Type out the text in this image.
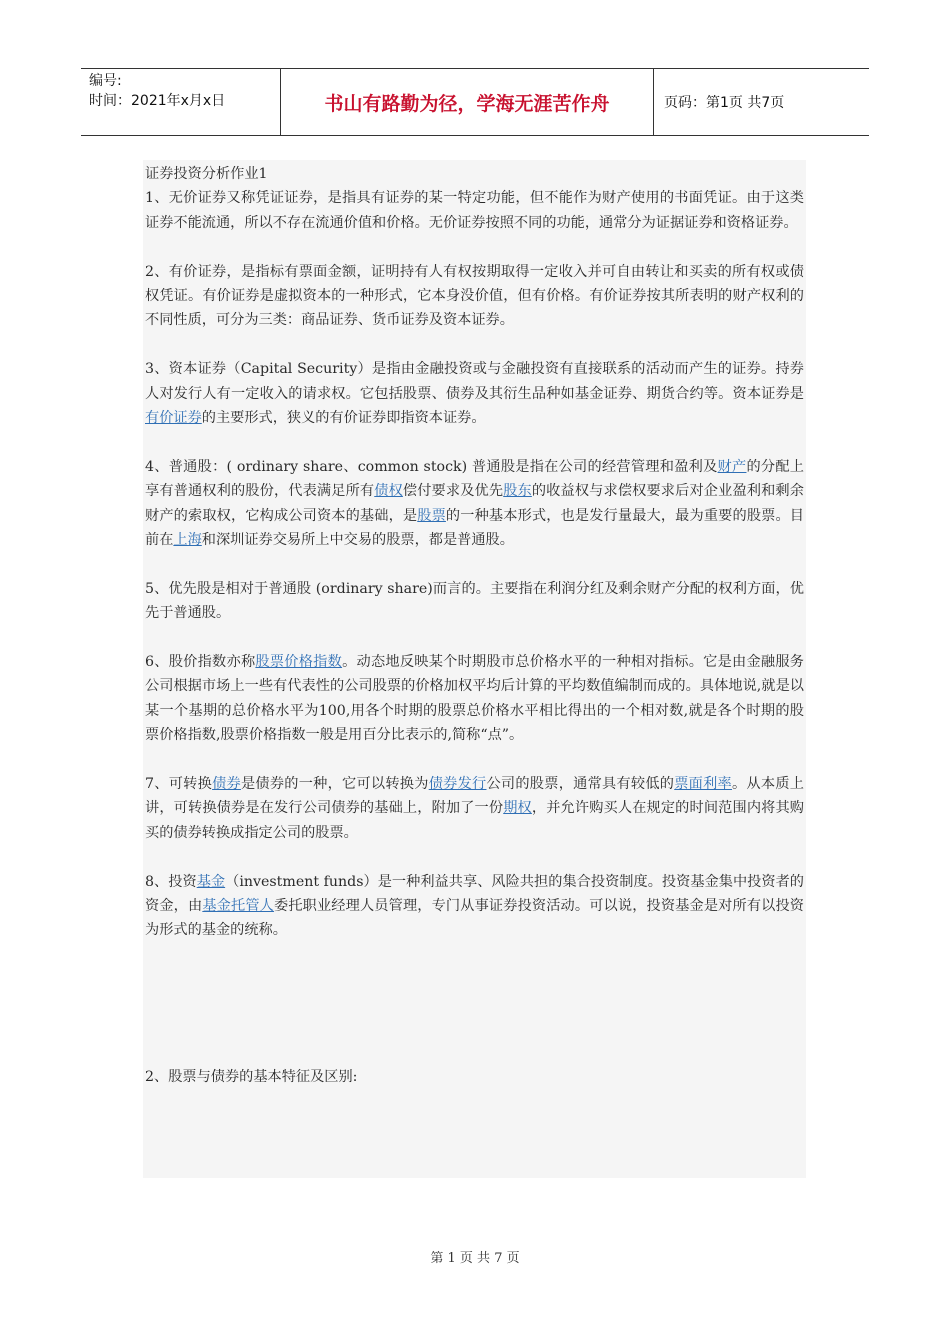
编号:
时间：2021年x月x日	书山有路勤为径，学海无涯苦作舟	页码：第1页 共7页

证券投资分析作业1

1、无价证券又称凭证证券，是指具有证券的某一特定功能，但不能作为财产使用的书面凭证。由于这类证券不能流通，所以不存在流通价值和价格。无价证券按照不同的功能，通常分为证据证券和资格证券。

2、有价证券，是指标有票面金额，证明持有人有权按期取得一定收入并可自由转让和买卖的所有权或债权凭证。有价证券是虚拟资本的一种形式，它本身没价值，但有价格。有价证券按其所表明的财产权利的不同性质，可分为三类：商品证券、货币证券及资本证券。

3、资本证券（Capital Security）是指由金融投资或与金融投资有直接联系的活动而产生的证券。持券人对发行人有一定收入的请求权。它包括股票、债券及其衍生品种如基金证券、期货合约等。资本证券是有价证券的主要形式，狭义的有价证券即指资本证券。

4、普通股：( ordinary share、common stock) 普通股是指在公司的经营管理和盈利及财产的分配上享有普通权利的股份，代表满足所有债权偿付要求及优先股东的收益权与求偿权要求后对企业盈利和剩余财产的索取权，它构成公司资本的基础，是股票的一种基本形式，也是发行量最大，最为重要的股票。目前在上海和深圳证券交易所上中交易的股票，都是普通股。

5、优先股是相对于普通股 (ordinary share)而言的。主要指在利润分红及剩余财产分配的权利方面，优先于普通股。

6、股价指数亦称股票价格指数。动态地反映某个时期股市总价格水平的一种相对指标。它是由金融服务公司根据市场上一些有代表性的公司股票的价格加权平均后计算的平均数值编制而成的。具体地说,就是以某一个基期的总价格水平为100,用各个时期的股票总价格水平相比得出的一个相对数,就是各个时期的股票价格指数,股票价格指数一般是用百分比表示的,简称“点”。

7、可转换债券是债券的一种，它可以转换为债券发行公司的股票，通常具有较低的票面利率。从本质上讲，可转换债券是在发行公司债券的基础上，附加了一份期权，并允许购买人在规定的时间范围内将其购买的债券转换成指定公司的股票。

8、投资基金（investment funds）是一种利益共享、风险共担的集合投资制度。投资基金集中投资者的资金，由基金托管人委托职业经理人员管理，专门从事证券投资活动。可以说，投资基金是对所有以投资为形式的基金的统称。

2、股票与债券的基本特征及区别:

第 1 页 共 7 页
